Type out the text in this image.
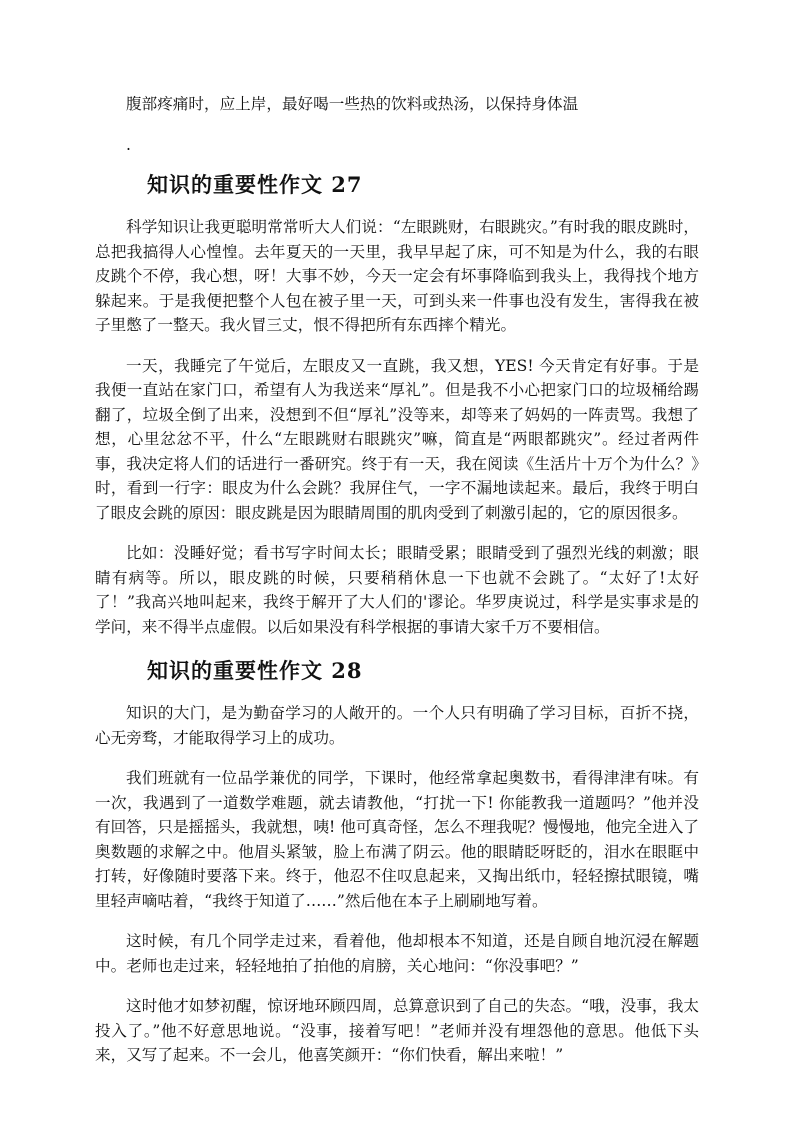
腹部疼痛时，应上岸，最好喝一些热的饮料或热汤，以保持身体温

.

知识的重要性作文 27

科学知识让我更聪明常常听大人们说：“左眼跳财，右眼跳灾。”有时我的眼皮跳时，总把我搞得人心惶惶。去年夏天的一天里，我早早起了床，可不知是为什么，我的右眼皮跳个不停，我心想，呀！大事不妙，今天一定会有坏事降临到我头上，我得找个地方躲起来。于是我便把整个人包在被子里一天，可到头来一件事也没有发生，害得我在被子里憋了一整天。我火冒三丈，恨不得把所有东西摔个精光。

一天，我睡完了午觉后，左眼皮又一直跳，我又想，YES! 今天肯定有好事。于是我便一直站在家门口，希望有人为我送来“厚礼”。但是我不小心把家门口的垃圾桶给踢翻了，垃圾全倒了出来，没想到不但“厚礼”没等来，却等来了妈妈的一阵责骂。我想了想，心里忿忿不平，什么“左眼跳财右眼跳灾”嘛，简直是“两眼都跳灾”。经过者两件事，我决定将人们的话进行一番研究。终于有一天，我在阅读《生活片十万个为什么？》时，看到一行字：眼皮为什么会跳？我屏住气，一字不漏地读起来。最后，我终于明白了眼皮会跳的原因：眼皮跳是因为眼睛周围的肌肉受到了刺激引起的，它的原因很多。

比如：没睡好觉；看书写字时间太长；眼睛受累；眼睛受到了强烈光线的刺激；眼睛有病等。所以，眼皮跳的时候，只要稍稍休息一下也就不会跳了。“太好了!太好了！”我高兴地叫起来，我终于解开了大人们的'谬论。华罗庚说过，科学是实事求是的学问，来不得半点虚假。以后如果没有科学根据的事请大家千万不要相信。

知识的重要性作文 28

知识的大门，是为勤奋学习的人敞开的。一个人只有明确了学习目标，百折不挠，心无旁骛，才能取得学习上的成功。

我们班就有一位品学兼优的同学，下课时，他经常拿起奥数书，看得津津有味。有一次，我遇到了一道数学难题，就去请教他，“打扰一下! 你能教我一道题吗？”他并没有回答，只是摇摇头，我就想，咦! 他可真奇怪，怎么不理我呢？慢慢地，他完全进入了奥数题的求解之中。他眉头紧皱，脸上布满了阴云。他的眼睛眨呀眨的，泪水在眼眶中打转，好像随时要落下来。终于，他忍不住叹息起来，又掏出纸巾，轻轻擦拭眼镜，嘴里轻声嘀咕着，“我终于知道了……”然后他在本子上刷刷地写着。

这时候，有几个同学走过来，看着他，他却根本不知道，还是自顾自地沉浸在解题中。老师也走过来，轻轻地拍了拍他的肩膀，关心地问：“你没事吧？”

这时他才如梦初醒，惊讶地环顾四周，总算意识到了自己的失态。“哦，没事，我太投入了。”他不好意思地说。“没事，接着写吧！”老师并没有埋怨他的意思。他低下头来，又写了起来。不一会儿，他喜笑颜开：“你们快看，解出来啦！”
